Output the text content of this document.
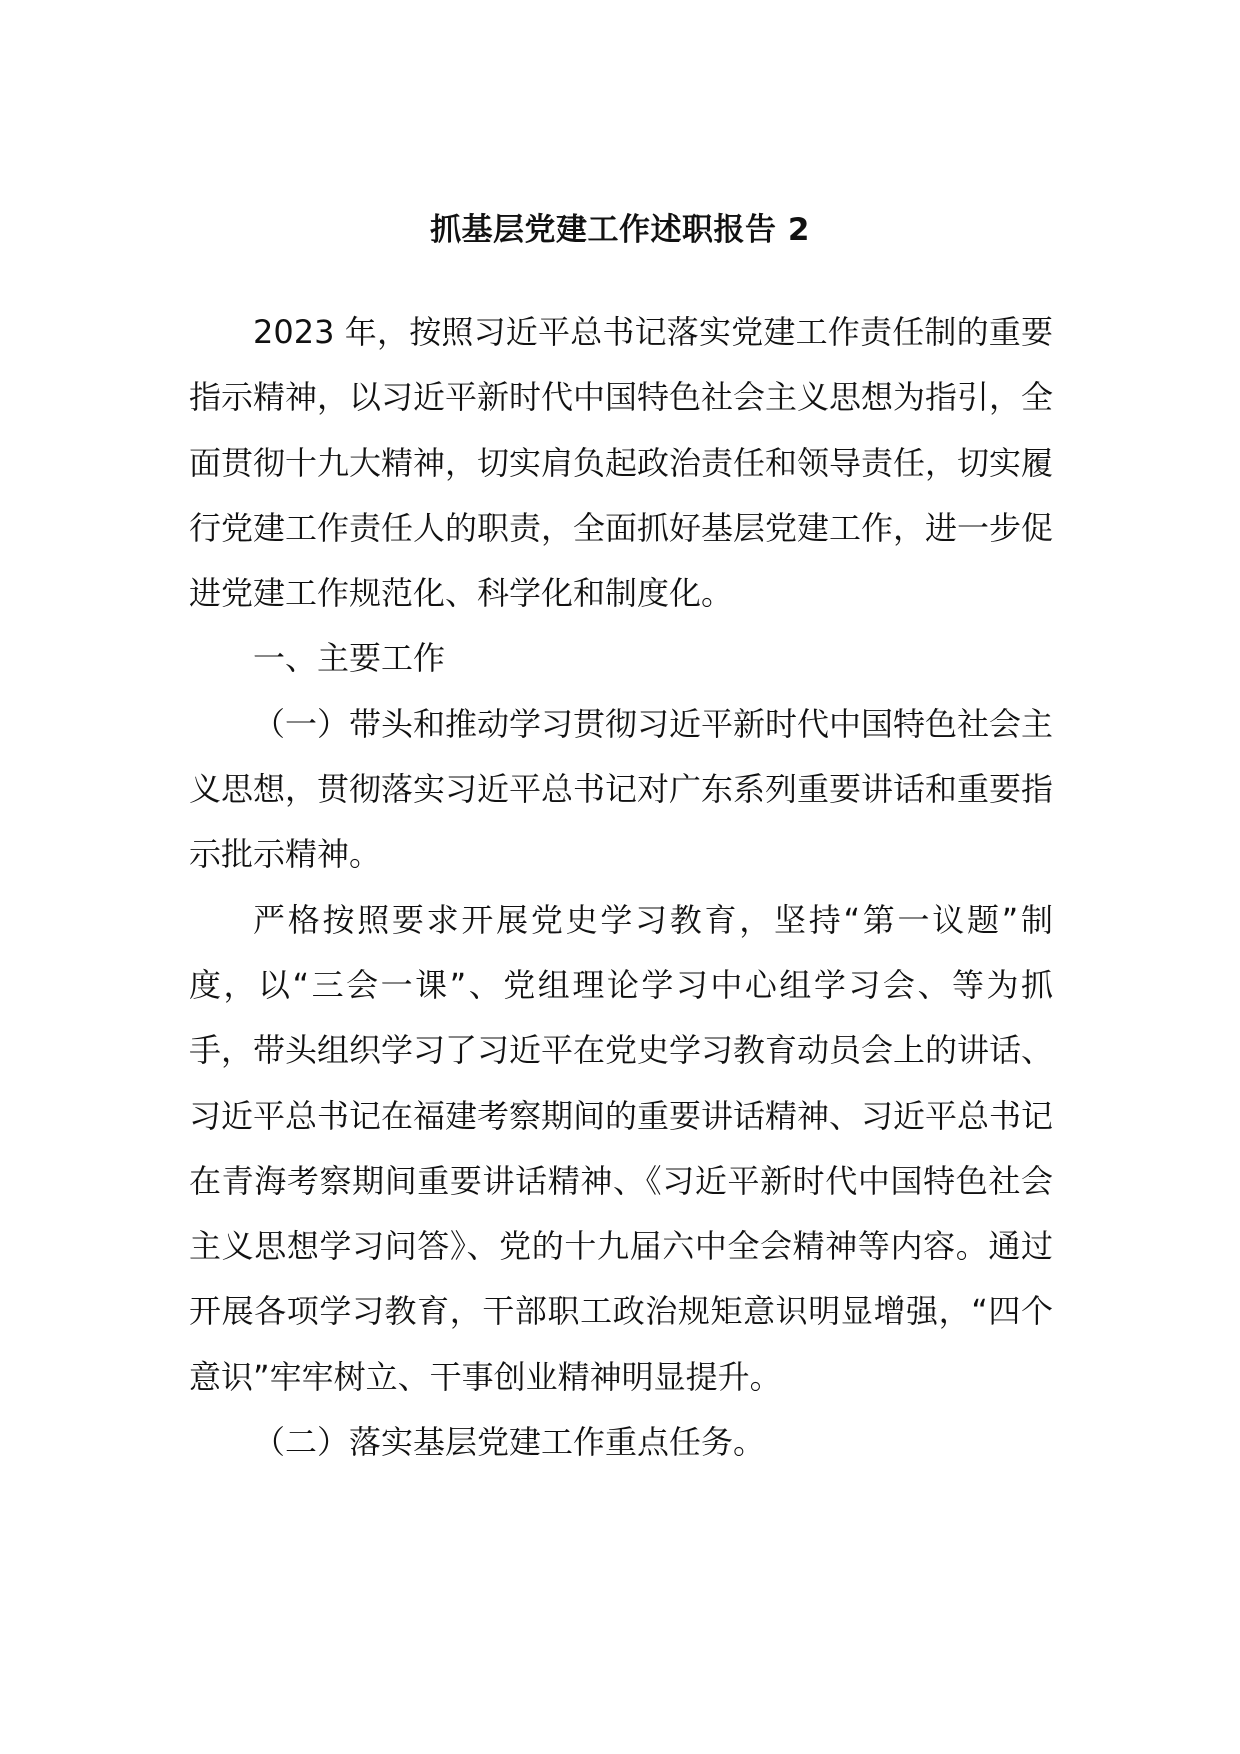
抓基层党建工作述职报告 2

2023 年，按照习近平总书记落实党建工作责任制的重要指示精神，以习近平新时代中国特色社会主义思想为指引，全面贯彻十九大精神，切实肩负起政治责任和领导责任，切实履行党建工作责任人的职责，全面抓好基层党建工作，进一步促进党建工作规范化、科学化和制度化。

一、主要工作

（一）带头和推动学习贯彻习近平新时代中国特色社会主义思想，贯彻落实习近平总书记对广东系列重要讲话和重要指示批示精神。

严格按照要求开展党史学习教育，坚持“第一议题”制度，以“三会一课”、党组理论学习中心组学习会、等为抓手，带头组织学习了习近平在党史学习教育动员会上的讲话、习近平总书记在福建考察期间的重要讲话精神、习近平总书记在青海考察期间重要讲话精神、《习近平新时代中国特色社会主义思想学习问答》、党的十九届六中全会精神等内容。通过开展各项学习教育，干部职工政治规矩意识明显增强，“四个意识”牢牢树立、干事创业精神明显提升。

（二）落实基层党建工作重点任务。
